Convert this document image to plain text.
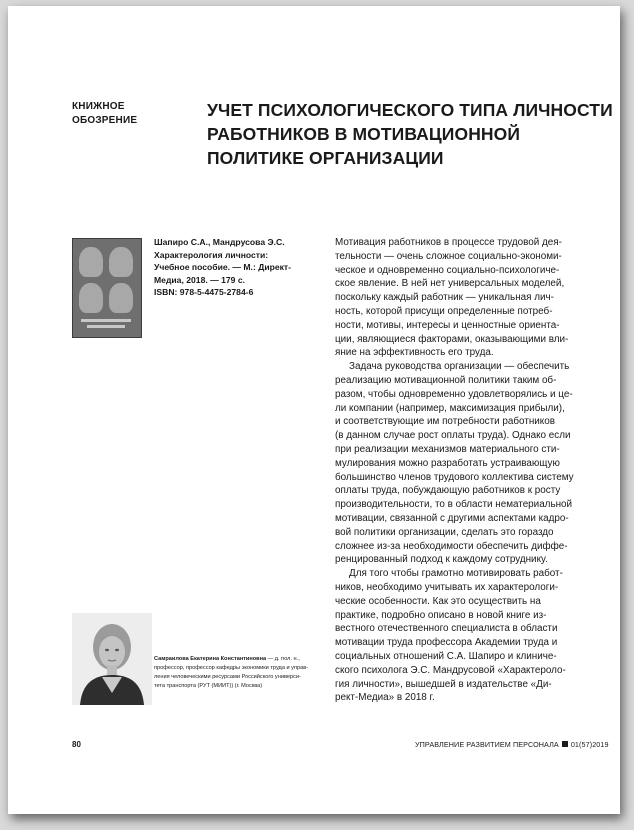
КНИЖНОЕ
ОБОЗРЕНИЕ
УЧЕТ ПСИХОЛОГИЧЕСКОГО ТИПА ЛИЧНОСТИ
РАБОТНИКОВ В МОТИВАЦИОННОЙ
ПОЛИТИКЕ ОРГАНИЗАЦИИ
Шапиро С.А., Мандрусова Э.С.
Характерология личности:
Учебное пособие. — М.: Директ-
Медиа, 2018. — 179 с.
ISBN: 978-5-4475-2784-6
Мотивация работников в процессе трудовой дея-
тельности — очень сложное социально-экономи-
ческое и одновременно социально-психологиче-
ское явление. В ней нет универсальных моделей,
поскольку каждый работник — уникальная лич-
ность, которой присущи определенные потреб-
ности, мотивы, интересы и ценностные ориента-
ции, являющиеся факторами, оказывающими вли-
яние на эффективность его труда.
Задача руководства организации — обеспечить
реализацию мотивационной политики таким об-
разом, чтобы одновременно удовлетворялись и це-
ли компании (например, максимизация прибыли),
и соответствующие им потребности работников
(в данном случае рост оплаты труда). Однако если
при реализации механизмов материального сти-
мулирования можно разработать устраивающую
большинство членов трудового коллектива систему
оплаты труда, побуждающую работников к росту
производительности, то в области нематериальной
мотивации, связанной с другими аспектами кадро-
вой политики организации, сделать это гораздо
сложнее из-за необходимости обеспечить диффе-
ренцированный подход к каждому сотруднику.
Для того чтобы грамотно мотивировать работ-
ников, необходимо учитывать их характерологи-
ческие особенности. Как это осуществить на
практике, подробно описано в новой книге из-
вестного отечественного специалиста в области
мотивации труда профессора Академии труда и
социальных отношений С.А. Шапиро и клиниче-
ского психолога Э.С. Мандрусовой «Характероло-
гия личности», вышедшей в издательстве «Ди-
рект-Медиа» в 2018 г.
Самраилова Екатерина Константиновна — д. пол. н.,
профессор, профессор кафедры экономики труда и управ-
ления человеческими ресурсами Российского универси-
тета транспорта (РУТ (МИИТ)) (г. Москва)
80	УПРАВЛЕНИЕ РАЗВИТИЕМ ПЕРСОНАЛА 01(57)2019
